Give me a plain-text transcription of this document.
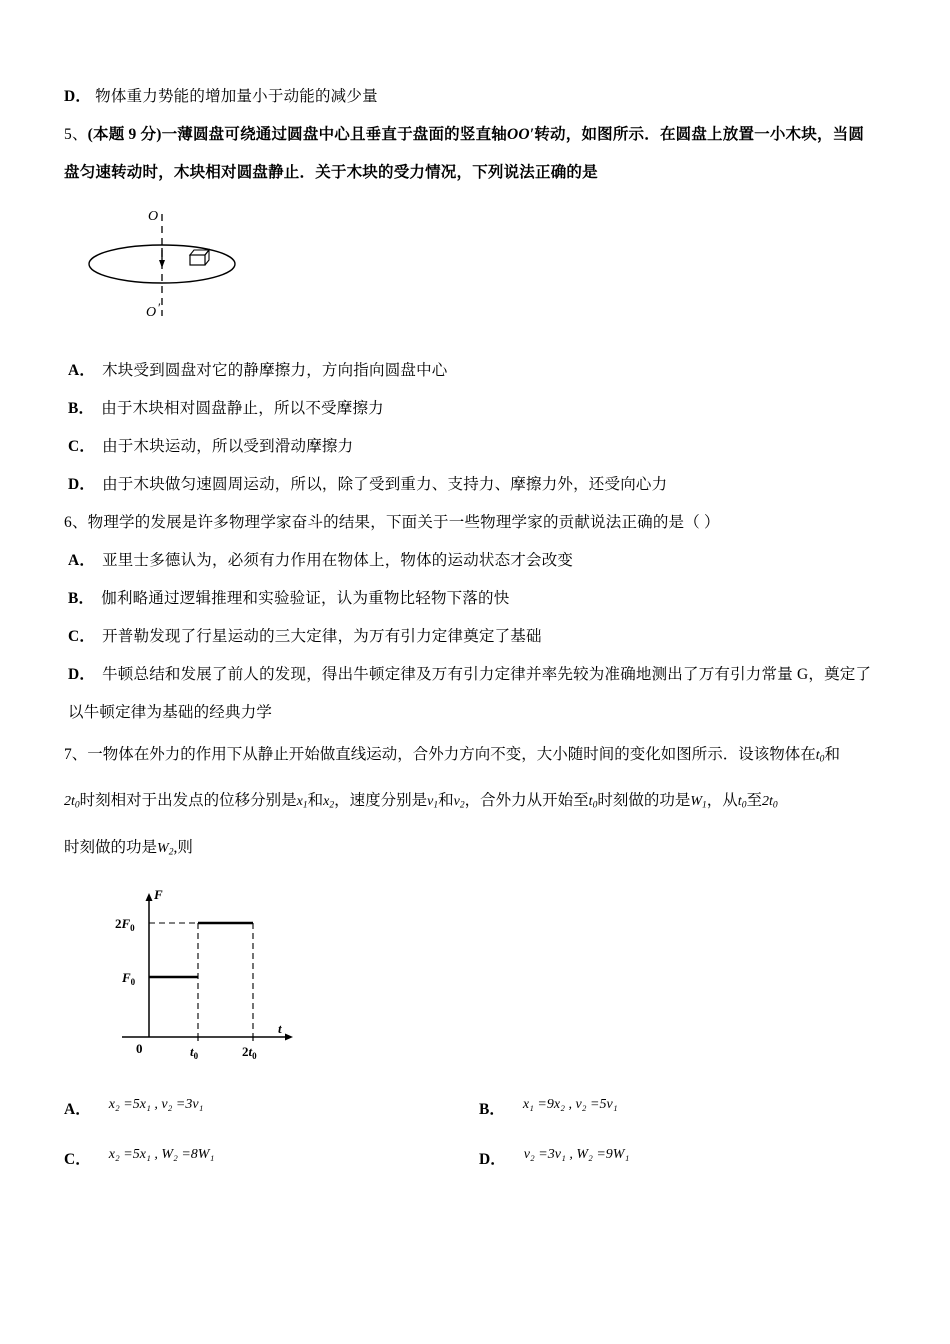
D． 物体重力势能的增加量小于动能的减少量
5、(本题 9 分)一薄圆盘可绕通过圆盘中心且垂直于盘面的竖直轴OO′转动，如图所示．在圆盘上放置一小木块，当圆
盘匀速转动时，木块相对圆盘静止．关于木块的受力情况，下列说法正确的是
O
O ′
A． 木块受到圆盘对它的静摩擦力，方向指向圆盘中心
B． 由于木块相对圆盘静止，所以不受摩擦力
C． 由于木块运动，所以受到滑动摩擦力
D． 由于木块做匀速圆周运动，所以，除了受到重力、支持力、摩擦力外，还受向心力
6、物理学的发展是许多物理学家奋斗的结果，下面关于一些物理学家的贡献说法正确的是（ ）
A． 亚里士多德认为，必须有力作用在物体上，物体的运动状态才会改变
B． 伽利略通过逻辑推理和实验验证，认为重物比轻物下落的快
C． 开普勒发现了行星运动的三大定律，为万有引力定律奠定了基础
D． 牛顿总结和发展了前人的发现，得出牛顿定律及万有引力定律并率先较为准确地测出了万有引力常量 G，奠定了
以牛顿定律为基础的经典力学
7、一物体在外力的作用下从静止开始做直线运动，合外力方向不变，大小随时间的变化如图所示．设该物体在$t_0$和
$2t_0$时刻相对于出发点的位移分别是$x_1$和$x_2$，速度分别是$v_1$和$v_2$，合外力从开始至$t_0$时刻做的功是$W_1$，从$t_0$至$2t_0$
时刻做的功是$W_2$,则
F
t
0
$2F_0$
$F_0$
$t_0$	$2t_0$
A． x₂ =5x₁ , v₂ =3v₁	B． x₁ =9x₂ , v₂ =5v₁
C． x₂ =5x₁ , W₂ =8W₁	D． v₂ =3v₁ , W₂ =9W₁
